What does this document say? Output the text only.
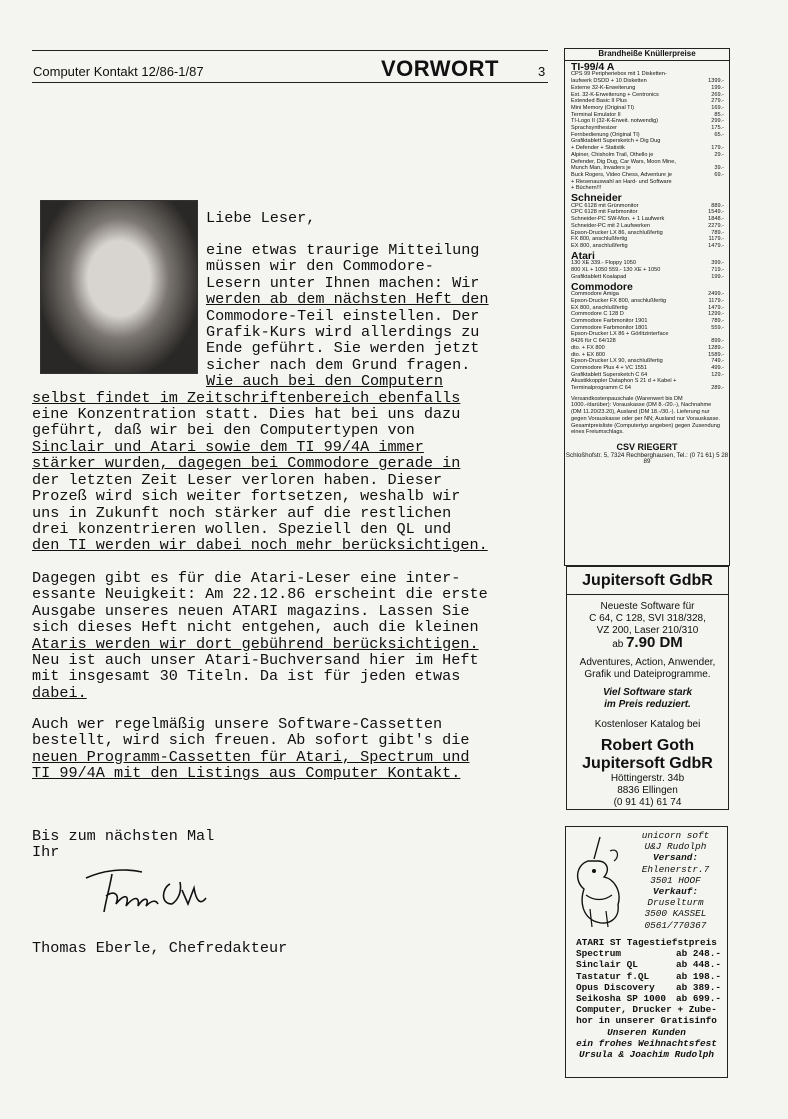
Computer Kontakt 12/86-1/87	VORWORT	3
Liebe Leser,
eine etwas traurige Mitteilung
müssen wir den Commodore-
Lesern unter Ihnen machen: Wir
werden ab dem nächsten Heft den
Commodore-Teil einstellen. Der
Grafik-Kurs wird allerdings zu
Ende geführt. Sie werden jetzt
sicher nach dem Grund fragen.
Wie auch bei den Computern
selbst findet im Zeitschriftenbereich ebenfalls
eine Konzentration statt. Dies hat bei uns dazu
geführt, daß wir bei den Computertypen von
Sinclair und Atari sowie dem TI 99/4A immer
stärker wurden, dagegen bei Commodore gerade in
der letzten Zeit Leser verloren haben. Dieser
Prozeß wird sich weiter fortsetzen, weshalb wir
uns in Zukunft noch stärker auf die restlichen
drei konzentrieren wollen. Speziell den QL und
den TI werden wir dabei noch mehr berücksichtigen.
Dagegen gibt es für die Atari-Leser eine inter-
essante Neuigkeit: Am 22.12.86 erscheint die erste
Ausgabe unseres neuen ATARI magazins. Lassen Sie
sich dieses Heft nicht entgehen, auch die kleinen
Ataris werden wir dort gebührend berücksichtigen.
Neu ist auch unser Atari-Buchversand hier im Heft
mit insgesamt 30 Titeln. Da ist für jeden etwas
dabei.
Auch wer regelmäßig unsere Software-Cassetten
bestellt, wird sich freuen. Ab sofort gibt's die
neuen Programm-Cassetten für Atari, Spectrum und
TI 99/4A mit den Listings aus Computer Kontakt.
Bis zum nächsten Mal
Ihr
Thomas Eberle, Chefredakteur
Brandheiße Knüllerpreise
TI-99/4 A
CPS 99 Peripheriebox mit 1 Disketten-
laufwerk DSDD + 10 Disketten	1399.-
Externe 32-K-Erweiterung	199.-
Ext. 32-K-Erweiterung + Centronics	269.-
Extended Basic II Plus	279.-
Mini Memory (Original TI)	169.-
Terminal Emulator II	85.-
TI-Logo II (32-K-Erweit. notwendig)	299.-
Sprachsynthesizer	175.-
Fernbedienung (Original TI)	65.-
Grafiktablett Supersketch + Dig Dug
+ Defender + Statistik	179.-
Alpiner, Chisholm Trail, Othello je	29.-
Defender, Dig Dug, Car Wars, Moon Mine,
Munch Man, Invaders je	39.-
Buck Rogers, Video Chess, Adventure je	69.-
+ Riesenauswahl an Hard- und Software
+ Büchern!!!
Schneider
CPC 6128 mit Grünmonitor	889.-
CPC 6128 mit Farbmonitor	1549.-
Schneider-PC SW-Mon. + 1 Laufwerk	1848.-
Schneider-PC mit 2 Laufwerken	2279.-
Epson-Drucker LX 86, anschlußfertig	789.-
FX 800, anschlußfertig	1179.-
EX 800, anschlußfertig	1479.-
Atari
130 XE 339.- Floppy 1050	399.-
800 XL + 1050 559.- 130 XE + 1050	719.-
Grafiktablett Koalapad	199.-
Commodore
Commodore Amiga	2499.-
Epson-Drucker FX 800, anschlußfertig	1179.-
EX 800, anschlußfertig	1479.-
Commodore C 128 D	1299.-
Commodore Farbmonitor 1901	789.-
Commodore Farbmonitor 1801	559.-
Epson-Drucker LX 86 + Görlitzinterface
8426 für C 64/128	899.-
dto. + FX 800	1289.-
dto. + EX 800	1589.-
Epson-Drucker LX 90, anschlußfertig	749.-
Commodore Plus 4 + VC 1551	499.-
Grafiktablett Supersketch C 64	129.-
Akustikkoppler Dataphon S 21 d + Kabel +
Terminalprogramm C 64	289.-
Versandkostenpauschale (Warenwert bis DM 1000.-/darüber): Vorauskasse (DM 8.-/20.-), Nachnahme (DM 11.20/23.20), Ausland (DM 18.-/30.-). Lieferung nur gegen Vorauskasse oder per NN; Ausland nur Vorauskasse. Gesamtpreisliste (Computertyp angeben) gegen Zusendung eines Freiumschlags.
CSV RIEGERT
Schloßhofstr. 5, 7324 Rechberghausen, Tel.: (0 71 61) 5 28 89
Jupitersoft GdbR
Neueste Software für
C 64, C 128, SVI 318/328,
VZ 200, Laser 210/310
ab 7.90 DM
Adventures, Action, Anwender,
Grafik und Dateiprogramme.
Viel Software stark
im Preis reduziert.
Kostenloser Katalog bei
Robert Goth
Jupitersoft GdbR
Höttingerstr. 34b
8836 Ellingen
(0 91 41) 61 74
unicorn soft
U&J Rudolph
Versand:
Ehlenerstr.7
3501 HOOF
Verkauf:
Druselturm
3500 KASSEL
0561/770367
ATARI ST Tagestiefstpreis
Spectrum	ab 248.-
Sinclair QL	ab 448.-
Tastatur f.QL	ab 198.-
Opus Discovery ab 389.-
Seikosha SP 1000 ab 699.-
Computer, Drucker + Zube-
hor in unserer Gratisinfo
Unseren Kunden
ein frohes Weihnachtsfest
Ursula & Joachim Rudolph
